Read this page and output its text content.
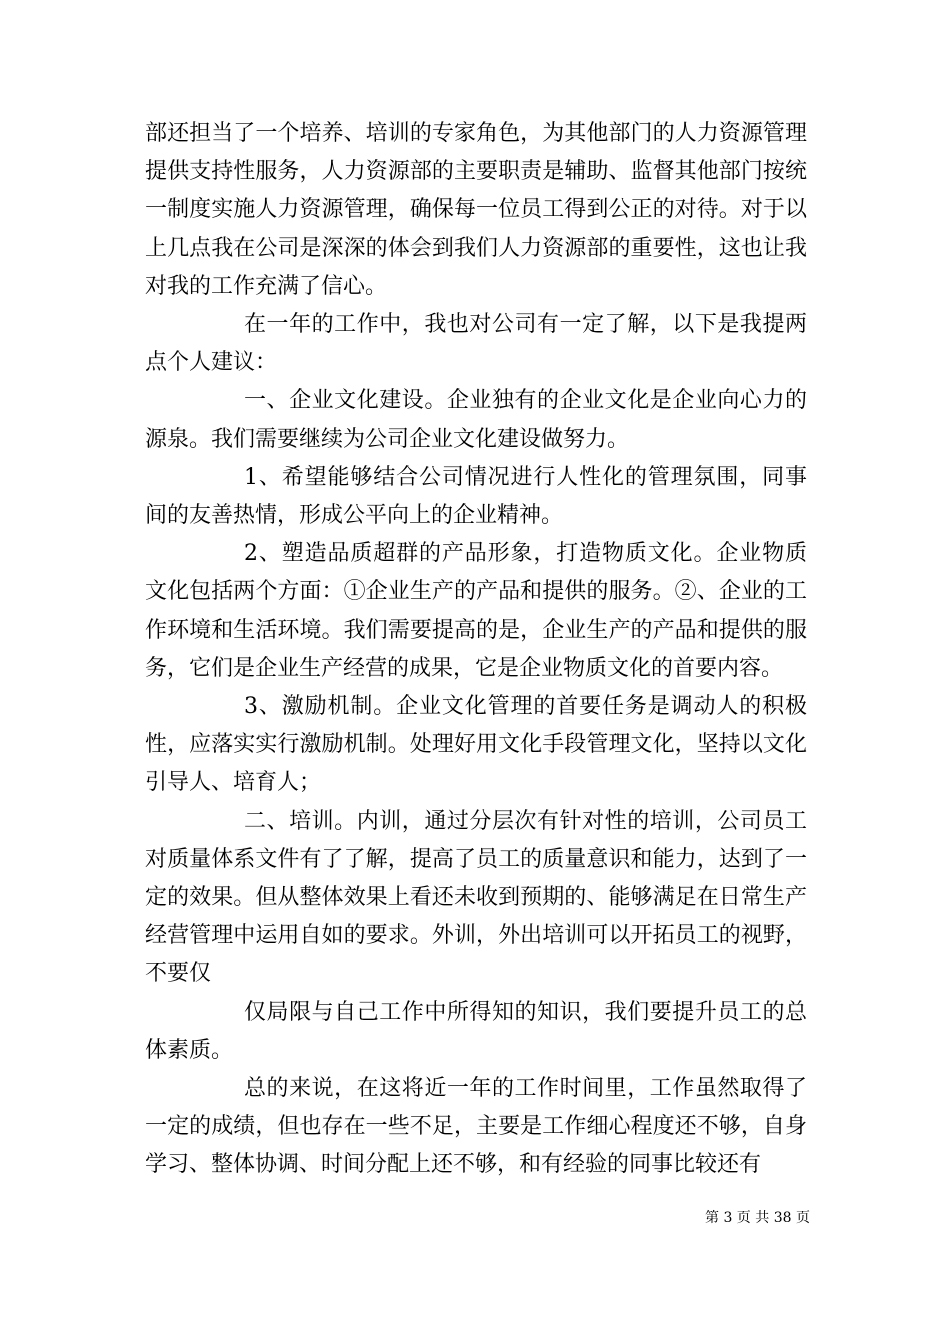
部还担当了一个培养、培训的专家角色，为其他部门的人力资源管理提供支持性服务，人力资源部的主要职责是辅助、监督其他部门按统一制度实施人力资源管理，确保每一位员工得到公正的对待。对于以上几点我在公司是深深的体会到我们人力资源部的重要性，这也让我对我的工作充满了信心。

在一年的工作中，我也对公司有一定了解，以下是我提两点个人建议：

一、企业文化建设。企业独有的企业文化是企业向心力的源泉。我们需要继续为公司企业文化建设做努力。

1、希望能够结合公司情况进行人性化的管理氛围，同事间的友善热情，形成公平向上的企业精神。

2、塑造品质超群的产品形象，打造物质文化。企业物质文化包括两个方面：①企业生产的产品和提供的服务。②、企业的工作环境和生活环境。我们需要提高的是，企业生产的产品和提供的服务，它们是企业生产经营的成果，它是企业物质文化的首要内容。

3、激励机制。企业文化管理的首要任务是调动人的积极性，应落实实行激励机制。处理好用文化手段管理文化，坚持以文化引导人、培育人；

二、培训。内训，通过分层次有针对性的培训，公司员工对质量体系文件有了了解，提高了员工的质量意识和能力，达到了一定的效果。但从整体效果上看还未收到预期的、能够满足在日常生产经营管理中运用自如的要求。外训，外出培训可以开拓员工的视野，不要仅

仅局限与自己工作中所得知的知识，我们要提升员工的总体素质。

总的来说，在这将近一年的工作时间里，工作虽然取得了一定的成绩，但也存在一些不足，主要是工作细心程度还不够，自身学习、整体协调、时间分配上还不够，和有经验的同事比较还有

第 3 页 共 38 页
